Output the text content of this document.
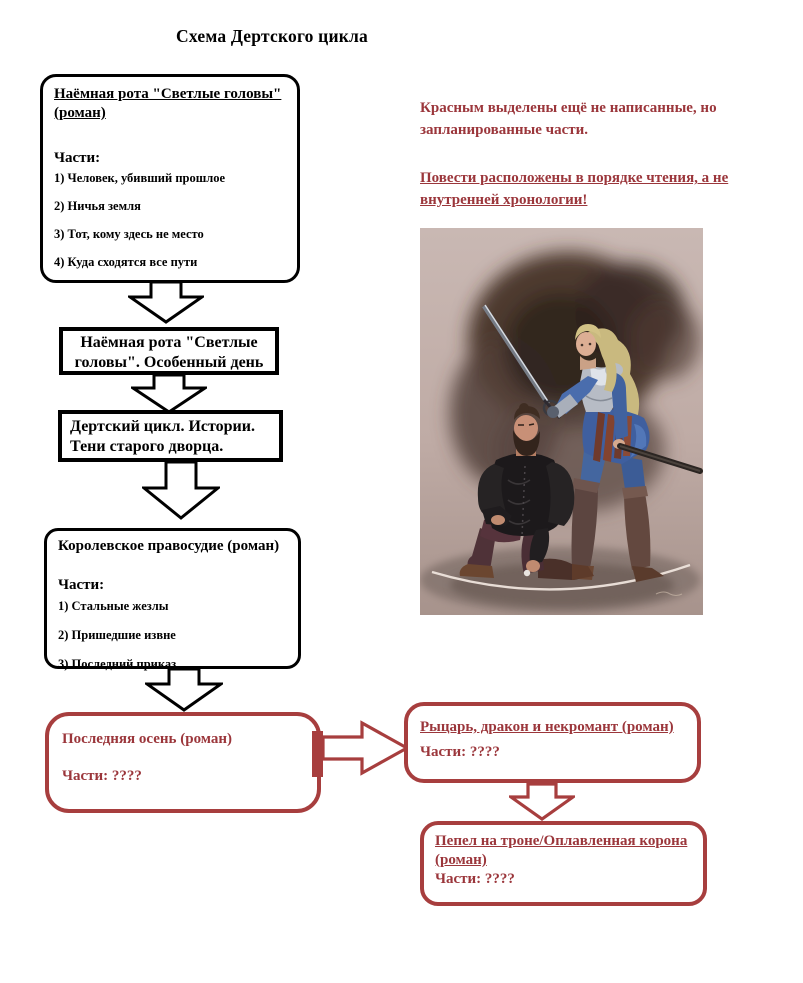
Схема Дертского цикла
Наёмная рота "Светлые головы" (роман)
Части:
1) Человек, убивший прошлое
2) Ничья земля
3) Тот, кому здесь не место
4) Куда сходятся все пути
Наёмная рота "Светлые головы". Особенный день
Дертский цикл. Истории.
Тени старого дворца.
Королевское правосудие (роман)
Части:
1) Стальные жезлы
2) Пришедшие извне
3) Последний приказ
Последняя осень (роман)
Части: ????
Рыцарь, дракон и некромант (роман)
Части: ????
Пепел на троне/Оплавленная корона (роман)
Части: ????
Красным выделены ещё не написанные, но запланированные части.
Повести расположены в порядке чтения, а не внутренней хронологии!
